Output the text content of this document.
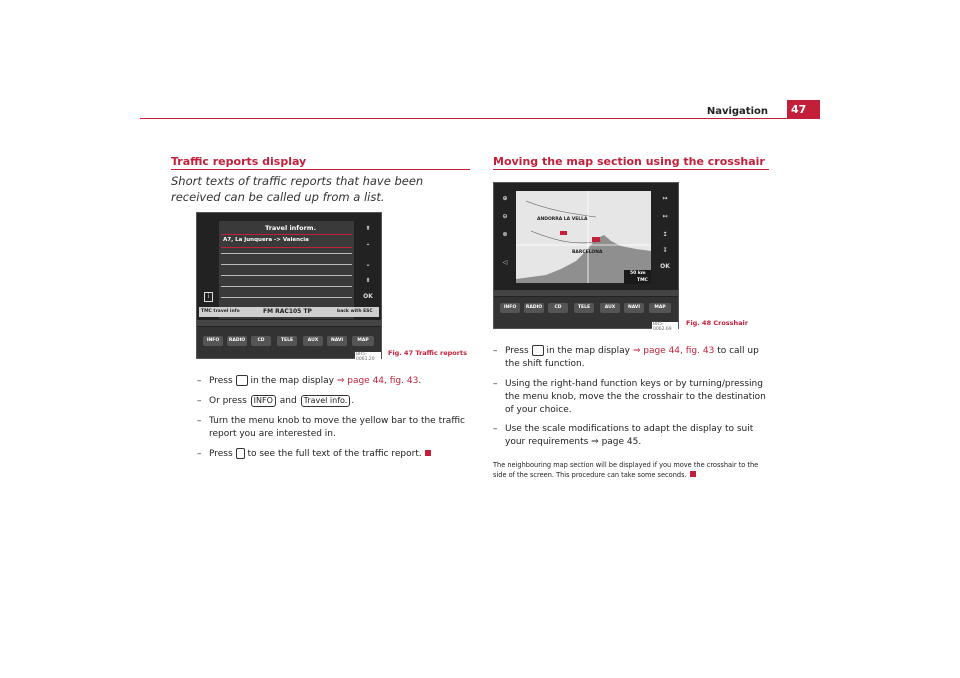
Navigation	47
Traffic reports display
Short texts of traffic reports that have been received can be called up from a list.
Travel inform.
A7, La Junquera -> Valencia
i
⇞
⌃
⌄
⇟
OK
TMC travel info	FM RAC105 TP	back with ESC
INFO	RADIO	CD	TELE	AUX	NAVI	MAP
BR5-0061.20
Fig. 47 Traffic reports
– Press in the map display ⇒ page 44, fig. 43.
– Or press INFO and Travel info. .
– Turn the menu knob to move the yellow bar to the traffic report you are interested in.
– Press to see the full text of the traffic report.
Moving the map section using the crosshair
ANDORRA LA VELLA
BARCELONA
50 km
TMC
⊕
⊖
⊗
◁
↦
↤
↥
↧
OK
INFO	RADIO	CD	TELE	AUX	NAVI	MAP
BR5-0062.69
Fig. 48 Crosshair
– Press in the map display ⇒ page 44, fig. 43 to call up the shift function.
– Using the right-hand function keys or by turning/pressing the menu knob, move the the crosshair to the destination of your choice.
– Use the scale modifications to adapt the display to suit your requirements ⇒ page 45.
The neighbouring map section will be displayed if you move the crosshair to the side of the screen. This procedure can take some seconds.
